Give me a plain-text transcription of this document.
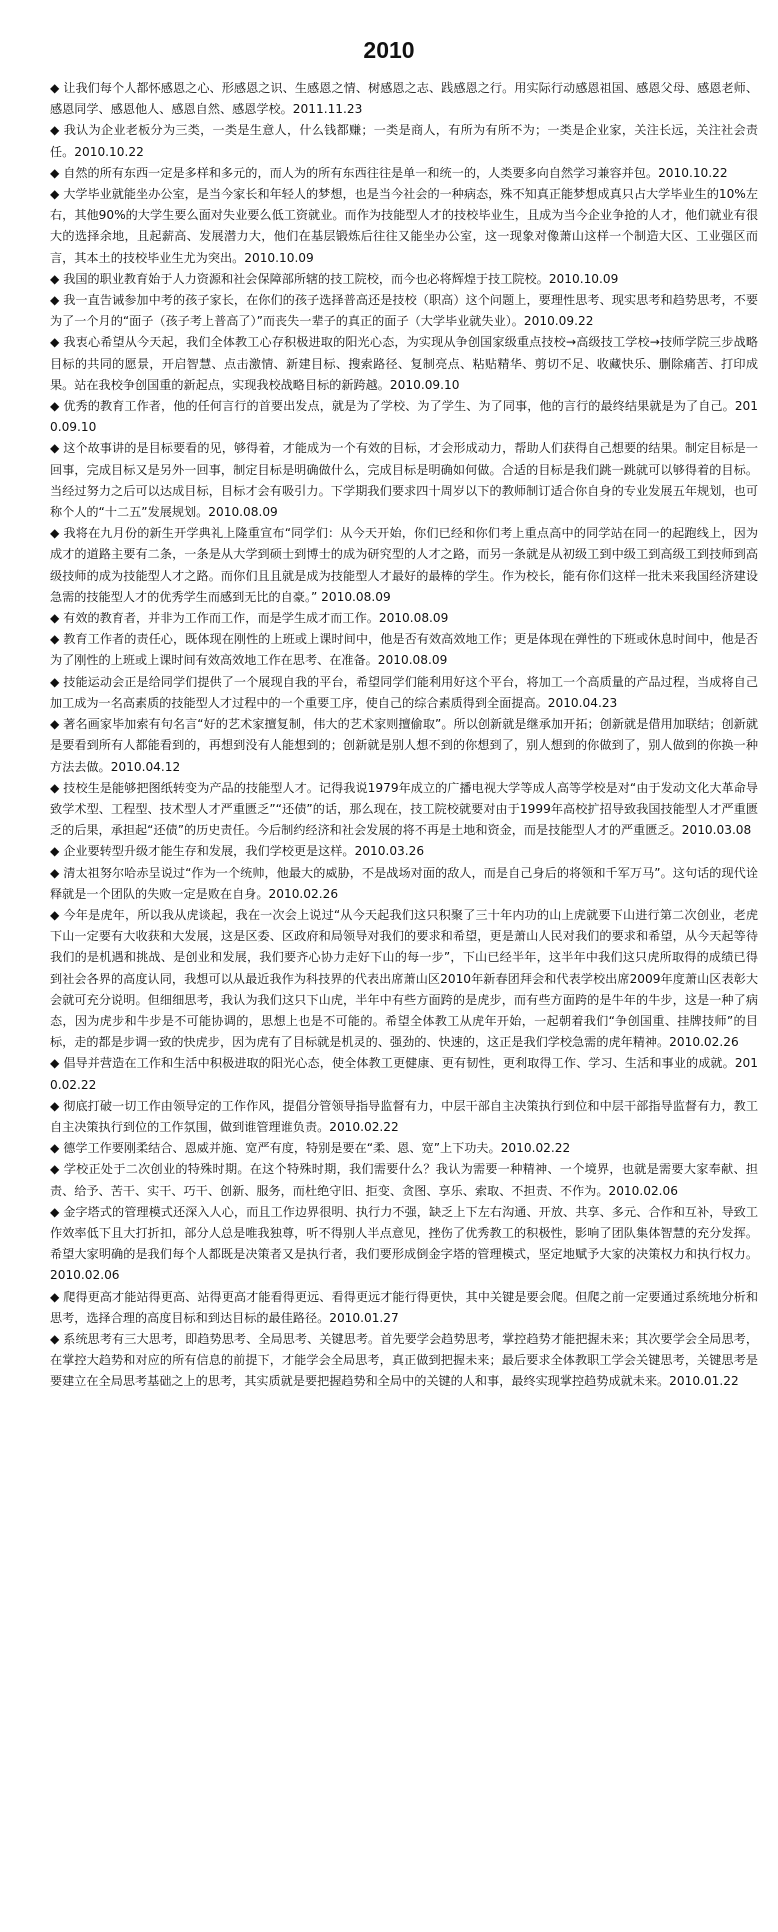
2010

◆ 让我们每个人都怀感恩之心、形感恩之识、生感恩之情、树感恩之志、践感恩之行。用实际行动感恩祖国、感恩父母、感恩老师、感恩同学、感恩他人、感恩自然、感恩学校。2011.11.23

◆ 我认为企业老板分为三类，一类是生意人，什么钱都赚；一类是商人，有所为有所不为；一类是企业家，关注长远，关注社会责任。2010.10.22

◆ 自然的所有东西一定是多样和多元的，而人为的所有东西往往是单一和统一的，人类要多向自然学习兼容并包。2010.10.22

◆ 大学毕业就能坐办公室，是当今家长和年轻人的梦想，也是当今社会的一种病态，殊不知真正能梦想成真只占大学毕业生的10%左右，其他90%的大学生要么面对失业要么低工资就业。而作为技能型人才的技校毕业生，且成为当今企业争抢的人才，他们就业有很大的选择余地，且起薪高、发展潜力大，他们在基层锻炼后往往又能坐办公室，这一现象对像萧山这样一个制造大区、工业强区而言，其本土的技校毕业生尤为突出。2010.10.09

◆ 我国的职业教育始于人力资源和社会保障部所辖的技工院校，而今也必将辉煌于技工院校。2010.10.09

◆ 我一直告诫参加中考的孩子家长，在你们的孩子选择普高还是技校（职高）这个问题上，要理性思考、现实思考和趋势思考，不要为了一个月的“面子（孩子考上普高了）”而丧失一辈子的真正的面子（大学毕业就失业）。2010.09.22

◆ 我衷心希望从今天起，我们全体教工心存积极进取的阳光心态，为实现从争创国家级重点技校→高级技工学校→技师学院三步战略目标的共同的愿景，开启智慧、点击激情、新建目标、搜索路径、复制亮点、粘贴精华、剪切不足、收藏快乐、删除痛苦、打印成果。站在我校争创国重的新起点，实现我校战略目标的新跨越。2010.09.10

◆ 优秀的教育工作者，他的任何言行的首要出发点，就是为了学校、为了学生、为了同事，他的言行的最终结果就是为了自己。2010.09.10

◆ 这个故事讲的是目标要看的见，够得着，才能成为一个有效的目标，才会形成动力，帮助人们获得自己想要的结果。制定目标是一回事，完成目标又是另外一回事，制定目标是明确做什么，完成目标是明确如何做。合适的目标是我们跳一跳就可以够得着的目标。当经过努力之后可以达成目标，目标才会有吸引力。下学期我们要求四十周岁以下的教师制订适合你自身的专业发展五年规划，也可称个人的“十二五”发展规划。2010.08.09

◆ 我将在九月份的新生开学典礼上隆重宣布“同学们：从今天开始，你们已经和你们考上重点高中的同学站在同一的起跑线上，因为成才的道路主要有二条，一条是从大学到硕士到博士的成为研究型的人才之路，而另一条就是从初级工到中级工到高级工到技师到高级技师的成为技能型人才之路。而你们且且就是成为技能型人才最好的最棒的学生。作为校长，能有你们这样一批未来我国经济建设急需的技能型人才的优秀学生而感到无比的自豪。” 2010.08.09

◆ 有效的教育者，并非为工作而工作，而是学生成才而工作。2010.08.09

◆ 教育工作者的责任心，既体现在刚性的上班或上课时间中，他是否有效高效地工作；更是体现在弹性的下班或休息时间中，他是否为了刚性的上班或上课时间有效高效地工作在思考、在准备。2010.08.09

◆ 技能运动会正是给同学们提供了一个展现自我的平台，希望同学们能利用好这个平台，将加工一个高质量的产品过程，当成将自己加工成为一名高素质的技能型人才过程中的一个重要工序，使自己的综合素质得到全面提高。2010.04.23

◆ 著名画家毕加索有句名言“好的艺术家擅复制，伟大的艺术家则擅偷取”。所以创新就是继承加开拓；创新就是借用加联结；创新就是要看到所有人都能看到的，再想到没有人能想到的；创新就是别人想不到的你想到了，别人想到的你做到了，别人做到的你换一种方法去做。2010.04.12

◆ 技校生是能够把图纸转变为产品的技能型人才。记得我说1979年成立的广播电视大学等成人高等学校是对“由于发动文化大革命导致学术型、工程型、技术型人才严重匮乏”“还债”的话，那么现在，技工院校就要对由于1999年高校扩招导致我国技能型人才严重匮乏的后果，承担起“还债”的历史责任。今后制约经济和社会发展的将不再是土地和资金，而是技能型人才的严重匮乏。2010.03.08

◆ 企业要转型升级才能生存和发展，我们学校更是这样。2010.03.26

◆ 清太祖努尔哈赤呈说过“作为一个统帅，他最大的威胁，不是战场对面的敌人，而是自己身后的将领和千军万马”。这句话的现代诠释就是一个团队的失败一定是败在自身。2010.02.26

◆ 今年是虎年，所以我从虎谈起，我在一次会上说过“从今天起我们这只积聚了三十年内功的山上虎就要下山进行第二次创业，老虎下山一定要有大收获和大发展，这是区委、区政府和局领导对我们的要求和希望，更是萧山人民对我们的要求和希望，从今天起等待我们的是机遇和挑战、是创业和发展，我们要齐心协力走好下山的每一步”，下山已经半年，这半年中我们这只虎所取得的成绩已得到社会各界的高度认同，我想可以从最近我作为科技界的代表出席萧山区2010年新春团拜会和代表学校出席2009年度萧山区表彰大会就可充分说明。但细细思考，我认为我们这只下山虎，半年中有些方面跨的是虎步，而有些方面跨的是牛年的牛步，这是一种了病态，因为虎步和牛步是不可能协调的，思想上也是不可能的。希望全体教工从虎年开始，一起朝着我们“争创国重、挂牌技师”的目标，走的都是步调一致的快虎步，因为虎有了目标就是机灵的、强劲的、快速的，这正是我们学校急需的虎年精神。2010.02.26

◆ 倡导并营造在工作和生活中积极进取的阳光心态，使全体教工更健康、更有韧性，更利取得工作、学习、生活和事业的成就。2010.02.22

◆ 彻底打破一切工作由领导定的工作作风，提倡分管领导指导监督有力，中层干部自主决策执行到位和中层干部指导监督有力，教工自主决策执行到位的工作氛围，做到谁管理谁负责。2010.02.22

◆ 德学工作要刚柔结合、恩威并施、宽严有度，特别是要在“柔、恩、宽”上下功夫。2010.02.22

◆ 学校正处于二次创业的特殊时期。在这个特殊时期，我们需要什么？我认为需要一种精神、一个境界，也就是需要大家奉献、担责、给予、苦干、实干、巧干、创新、服务，而杜绝守旧、拒变、贪图、享乐、索取、不担责、不作为。2010.02.06

◆ 金字塔式的管理模式还深入人心，而且工作边界很明、执行力不强，缺乏上下左右沟通、开放、共享、多元、合作和互补，导致工作效率低下且大打折扣，部分人总是唯我独尊，听不得别人半点意见，挫伤了优秀教工的积极性，影响了团队集体智慧的充分发挥。希望大家明确的是我们每个人都既是决策者又是执行者，我们要形成倒金字塔的管理模式，坚定地赋予大家的决策权力和执行权力。2010.02.06

◆ 爬得更高才能站得更高、站得更高才能看得更远、看得更远才能行得更快，其中关键是要会爬。但爬之前一定要通过系统地分析和思考，选择合理的高度目标和到达目标的最佳路径。2010.01.27

◆ 系统思考有三大思考，即趋势思考、全局思考、关键思考。首先要学会趋势思考，掌控趋势才能把握未来；其次要学会全局思考，在掌控大趋势和对应的所有信息的前提下，才能学会全局思考，真正做到把握未来；最后要求全体教职工学会关键思考，关键思考是要建立在全局思考基础之上的思考，其实质就是要把握趋势和全局中的关键的人和事，最终实现掌控趋势成就未来。2010.01.22
